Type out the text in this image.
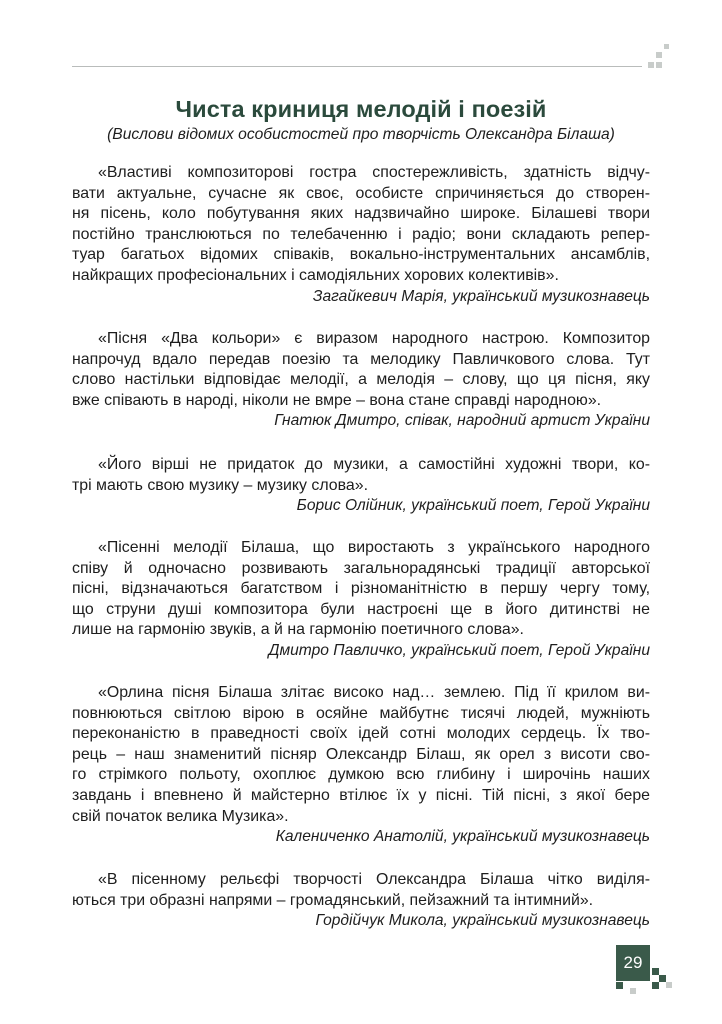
Чиста криниця мелодій і поезій
(Вислови відомих особистостей про творчість Олександра Білаша)
«Властиві композиторові гостра спостережливість, здатність відчу-
вати актуальне, сучасне як своє, особисте спричиняється до створен-
ня пісень, коло побутування яких надзвичайно широке. Білашеві твори
постійно транслюються по телебаченню і радіо; вони складають репер-
туар багатьох відомих співаків, вокально-інструментальних ансамблів,
найкращих професіональних і самодіяльних хорових колективів».
Загайкевич Марія, український музикознавець
«Пісня «Два кольори» є виразом народного настрою. Композитор
напрочуд вдало передав поезію та мелодику Павличкового слова. Тут
слово настільки відповідає мелодії, а мелодія – слову, що ця пісня, яку
вже співають в народі, ніколи не вмре – вона стане справді народною».
Гнатюк Дмитро, співак, народний артист України
«Його вірші не придаток до музики, а самостійні художні твори, ко-
трі мають свою музику – музику слова».
Борис Олійник, український поет, Герой України
«Пісенні мелодії Білаша, що виростають з українського народного
співу й одночасно розвивають загальнорадянські традиції авторської
пісні, відзначаються багатством і різноманітністю в першу чергу тому,
що струни душі композитора були настроєні ще в його дитинстві не
лише на гармонію звуків, а й на гармонію поетичного слова».
Дмитро Павличко, український поет, Герой України
«Орлина пісня Білаша злітає високо над… землею. Під її крилом ви-
повнюються світлою вірою в осяйне майбутнє тисячі людей, мужніють
переконаністю в праведності своїх ідей сотні молодих сердець. Їх тво-
рець – наш знаменитий пісняр Олександр Білаш, як орел з висоти сво-
го стрімкого польоту, охоплює думкою всю глибину і широчінь наших
завдань і впевнено й майстерно втілює їх у пісні. Тій пісні, з якої бере
свій початок велика Музика».
Калениченко Анатолій, український музикознавець
«В пісенному рельєфі творчості Олександра Білаша чітко виділя-
ються три образні напрями – громадянський, пейзажний та інтимний».
Гордійчук Микола, український музикознавець
29
